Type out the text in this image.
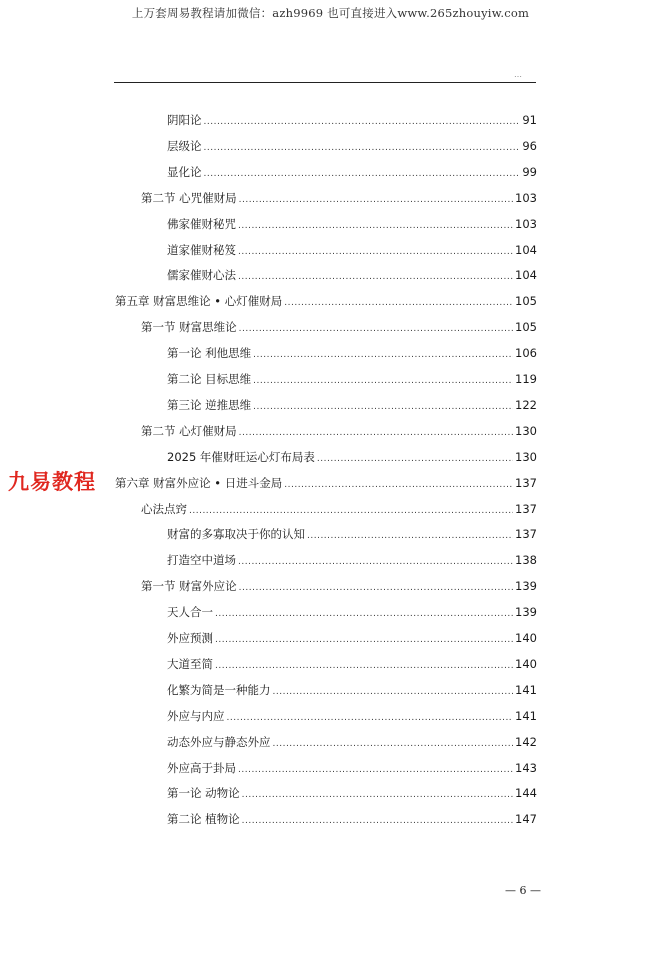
上万套周易教程请加微信：azh9969 也可直接进入www.265zhouyiw.com
…
阴阳论 .....	91
层级论 .....	96
显化论 .....	99
第二节 心咒催财局 .....	103
佛家催财秘咒 .....	103
道家催财秘笈 .....	104
儒家催财心法 .....	104
第五章 财富思维论 • 心灯催财局 .....	105
第一节 财富思维论 .....	105
第一论 利他思维 .....	106
第二论 目标思维 .....	119
第三论 逆推思维 .....	122
第二节 心灯催财局 .....	130
2025 年催财旺运心灯布局表 .....	130
第六章 财富外应论 • 日进斗金局 .....	137
心法点窍 .....	137
财富的多寡取决于你的认知 .....	137
打造空中道场 .....	138
第一节 财富外应论 .....	139
天人合一 .....	139
外应预测 .....	140
大道至简 .....	140
化繁为简是一种能力 .....	141
外应与内应 .....	141
动态外应与静态外应 .....	142
外应高于卦局 .....	143
第一论 动物论 .....	144
第二论 植物论 .....	147
九易教程
— 6 —
